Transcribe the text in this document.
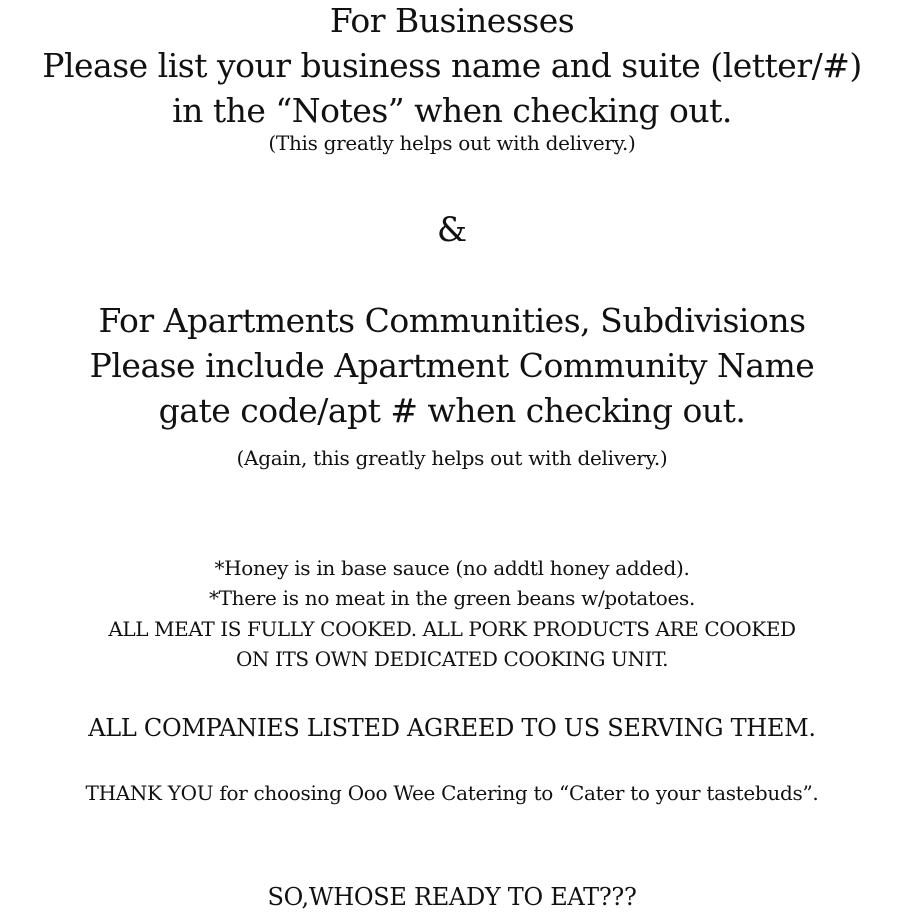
For Businesses
Please list your business name and suite (letter/#)
in the “Notes” when checking out.
(This greatly helps out with delivery.)
&
For Apartments Communities, Subdivisions
Please include Apartment Community Name
gate code/apt # when checking out.
(Again, this greatly helps out with delivery.)
*Honey is in base sauce (no addtl honey added).
*There is no meat in the green beans w/potatoes.
ALL MEAT IS FULLY COOKED. ALL PORK PRODUCTS ARE COOKED
ON ITS OWN DEDICATED COOKING UNIT.
ALL COMPANIES LISTED AGREED TO US SERVING THEM.
THANK YOU for choosing Ooo Wee Catering to “Cater to your tastebuds”.
SO,WHOSE READY TO EAT???
